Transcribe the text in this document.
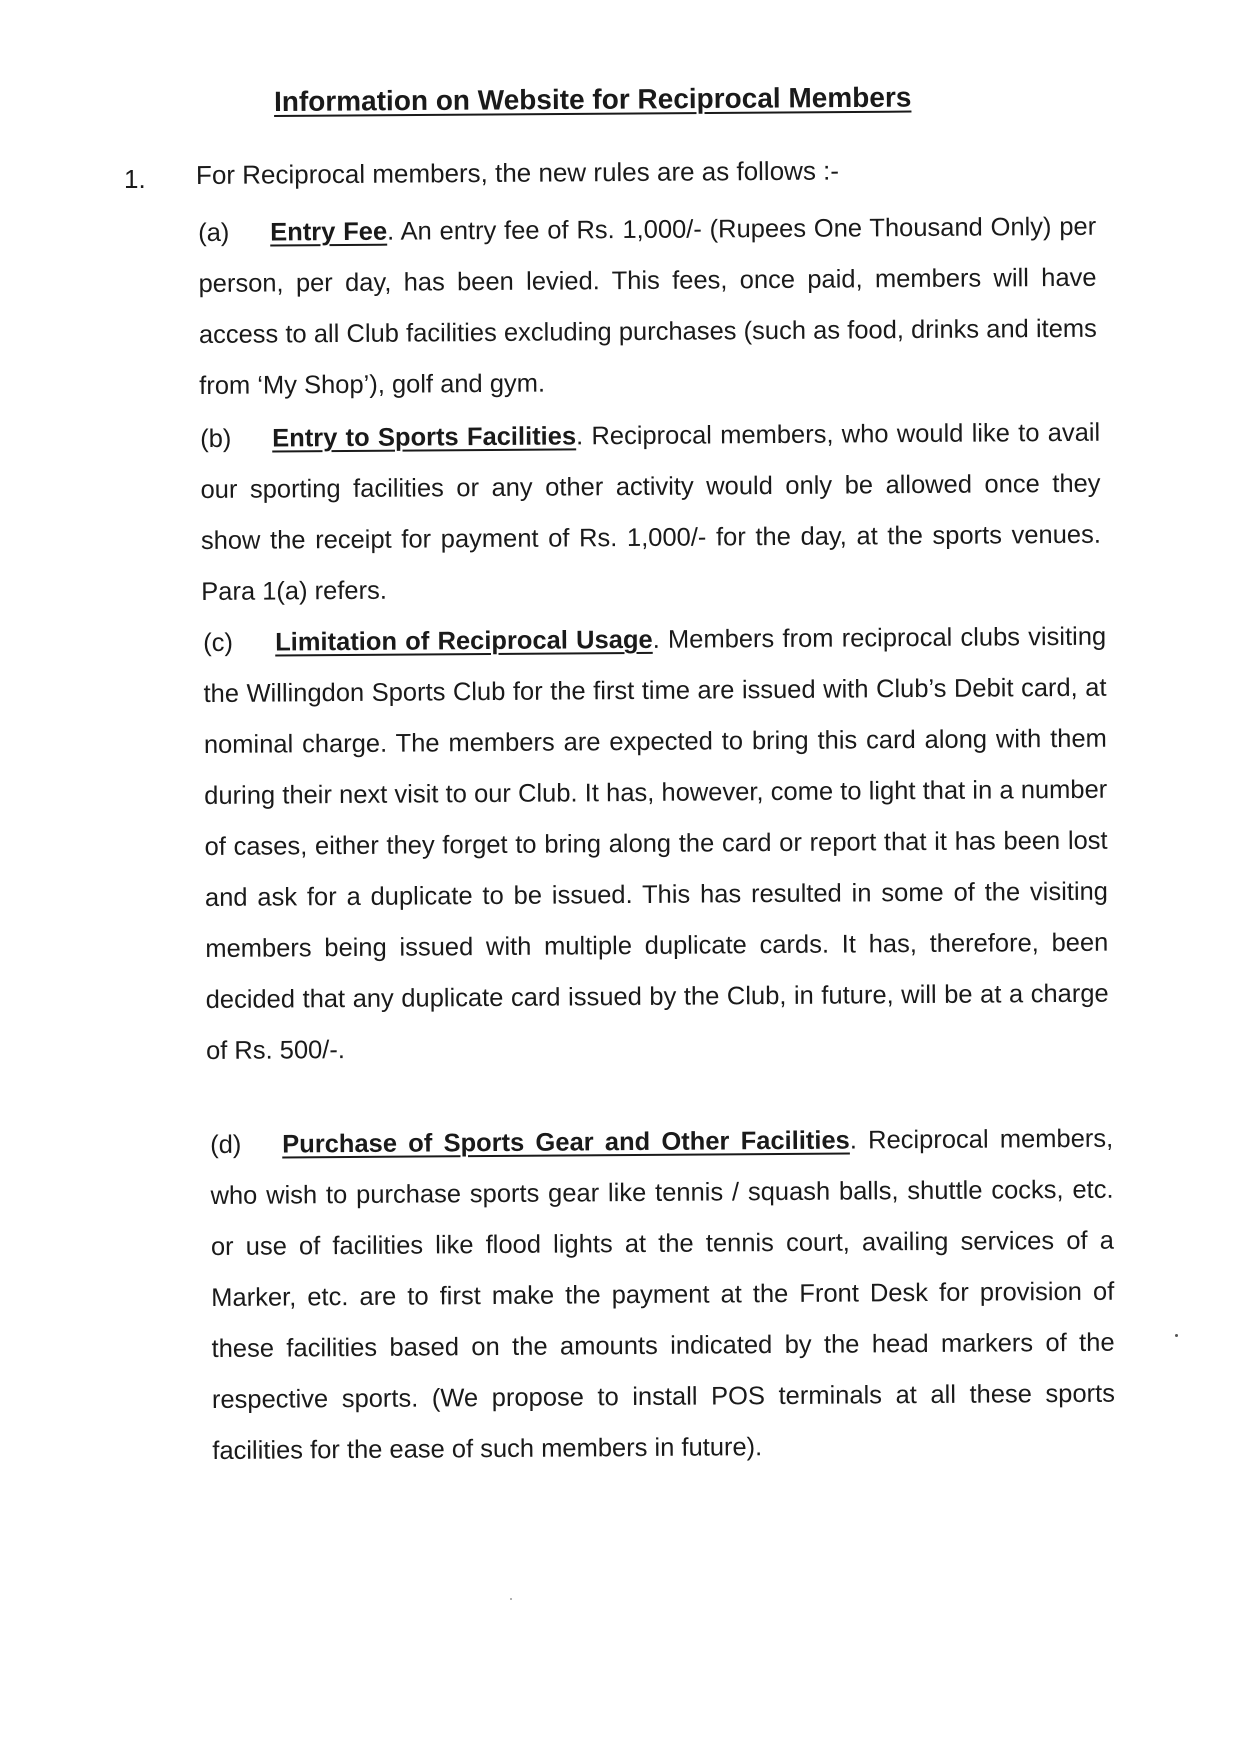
Information on Website for Reciprocal Members
1. For Reciprocal members, the new rules are as follows :-
(a) Entry Fee. An entry fee of Rs. 1,000/- (Rupees One Thousand Only) per person, per day, has been levied. This fees, once paid, members will have access to all Club facilities excluding purchases (such as food, drinks and items from ‘My Shop’), golf and gym.
(b) Entry to Sports Facilities. Reciprocal members, who would like to avail our sporting facilities or any other activity would only be allowed once they show the receipt for payment of Rs. 1,000/- for the day, at the sports venues. Para 1(a) refers.
(c) Limitation of Reciprocal Usage. Members from reciprocal clubs visiting the Willingdon Sports Club for the first time are issued with Club’s Debit card, at nominal charge. The members are expected to bring this card along with them during their next visit to our Club. It has, however, come to light that in a number of cases, either they forget to bring along the card or report that it has been lost and ask for a duplicate to be issued. This has resulted in some of the visiting members being issued with multiple duplicate cards. It has, therefore, been decided that any duplicate card issued by the Club, in future, will be at a charge of Rs. 500/-.
(d) Purchase of Sports Gear and Other Facilities. Reciprocal members, who wish to purchase sports gear like tennis / squash balls, shuttle cocks, etc. or use of facilities like flood lights at the tennis court, availing services of a Marker, etc. are to first make the payment at the Front Desk for provision of these facilities based on the amounts indicated by the head markers of the respective sports. (We propose to install POS terminals at all these sports facilities for the ease of such members in future).
